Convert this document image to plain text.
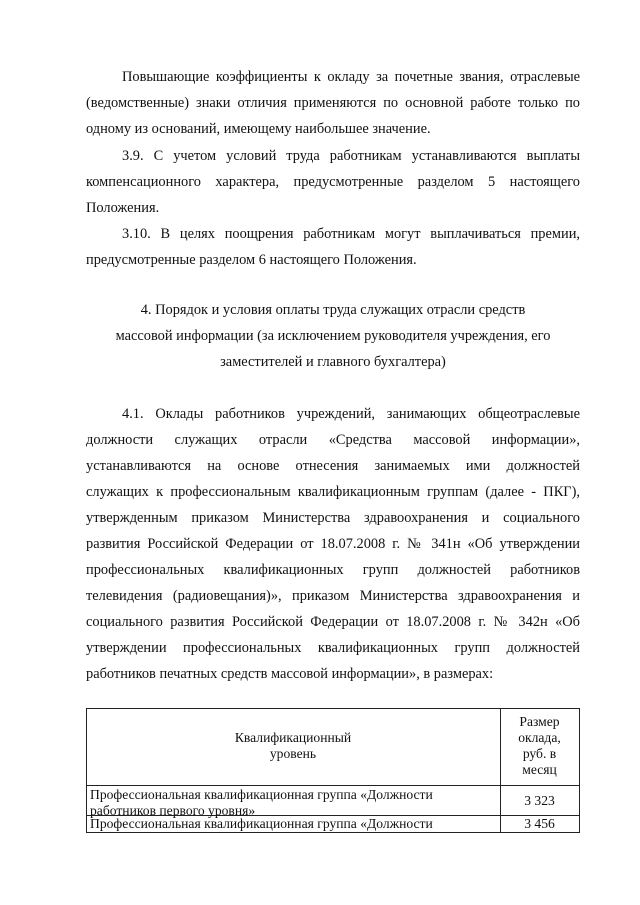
Повышающие коэффициенты к окладу за почетные звания, отраслевые
(ведомственные) знаки отличия применяются по основной работе только по
одному из оснований, имеющему наибольшее значение.
3.9. С учетом условий труда работникам устанавливаются выплаты
компенсационного характера, предусмотренные разделом 5 настоящего
Положения.
3.10. В целях поощрения работникам могут выплачиваться премии,
предусмотренные разделом 6 настоящего Положения.
4. Порядок и условия оплаты труда служащих отрасли средств
массовой информации (за исключением руководителя учреждения, его
заместителей и главного бухгалтера)
4.1. Оклады работников учреждений, занимающих общеотраслевые
должности служащих отрасли «Средства массовой информации»,
устанавливаются на основе отнесения занимаемых ими должностей
служащих к профессиональным квалификационным группам (далее - ПКГ),
утвержденным приказом Министерства здравоохранения и социального
развития Российской Федерации от 18.07.2008 г. № 341н «Об утверждении
профессиональных квалификационных групп должностей работников
телевидения (радиовещания)», приказом Министерства здравоохранения и
социального развития Российской Федерации от 18.07.2008 г. № 342н «Об
утверждении профессиональных квалификационных групп должностей
работников печатных средств массовой информации», в размерах:
Квалификационный
уровень
Размер
оклада,
руб. в
месяц
Профессиональная квалификационная группа «Должности
работников первого уровня»
3 323
Профессиональная квалификационная группа «Должности	3 456
